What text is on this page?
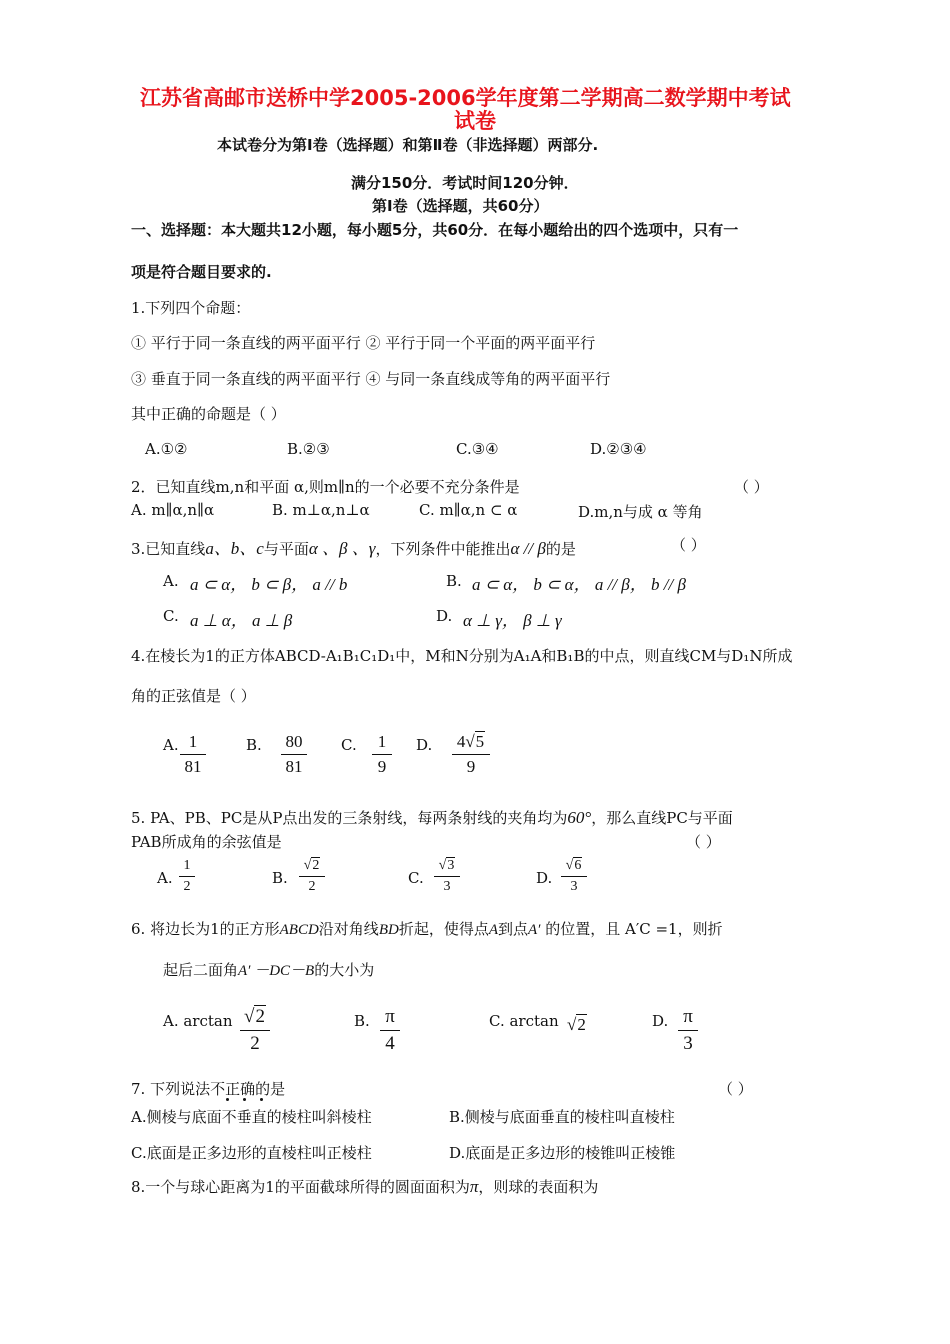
江苏省高邮市送桥中学2005-2006学年度第二学期高二数学期中考试
试卷
本试卷分为第Ⅰ卷（选择题）和第Ⅱ卷（非选择题）两部分.
满分150分．考试时间120分钟．
第Ⅰ卷（选择题，共60分）
一、选择题：本大题共12小题，每小题5分，共60分．在每小题给出的四个选项中，只有一
项是符合题目要求的.
1.下列四个命题：
① 平行于同一条直线的两平面平行 ② 平行于同一个平面的两平面平行
③ 垂直于同一条直线的两平面平行 ④ 与同一条直线成等角的两平面平行
其中正确的命题是（ ）
A.①②	B.②③	C.③④	D.②③④
2．已知直线m,n和平面 α,则m∥n的一个必要不充分条件是	（ ）
A. m∥α,n∥α	B. m⊥α,n⊥α	C. m∥α,n ⊂ α	D.m,n与成 α 等角
3.已知直线a、b、c与平面α 、β 、γ，下列条件中能推出α // β的是	（ ）
A. a ⊂ α， b ⊂ β， a // b	B. a ⊂ α， b ⊂ α， a // β， b // β
C. a ⊥ α， a ⊥ β	D. α ⊥ γ， β ⊥ γ
4.在棱长为1的正方体ABCD-A₁B₁C₁D₁中，M和N分别为A₁A和B₁B的中点，则直线CM与D₁N所成
角的正弦值是（ ）
A. 1
81
B. 80
81
C.	1
9
D. 4√5
9
5. PA、PB、PC是从P点出发的三条射线，每两条射线的夹角均为60°，那么直线PC与平面
PAB所成角的余弦值是	（ ）
A.
1
2	B.
√2
2	C.
√3
3	D.
√6
3
6. 将边长为1的正方形ABCD沿对角线BD折起，使得点A到点A′ 的位置，且 A′C =1，则折
起后二面角A′ －DC－B的大小为
A. arctan √2
2
B. π
4
C. arctan √2	D. π
3
7. 下列说法不正确的是	（ ）
A.侧棱与底面不垂直的棱柱叫斜棱柱	B.侧棱与底面垂直的棱柱叫直棱柱
C.底面是正多边形的直棱柱叫正棱柱	D.底面是正多边形的棱锥叫正棱锥
8.一个与球心距离为1的平面截球所得的圆面面积为π，则球的表面积为
